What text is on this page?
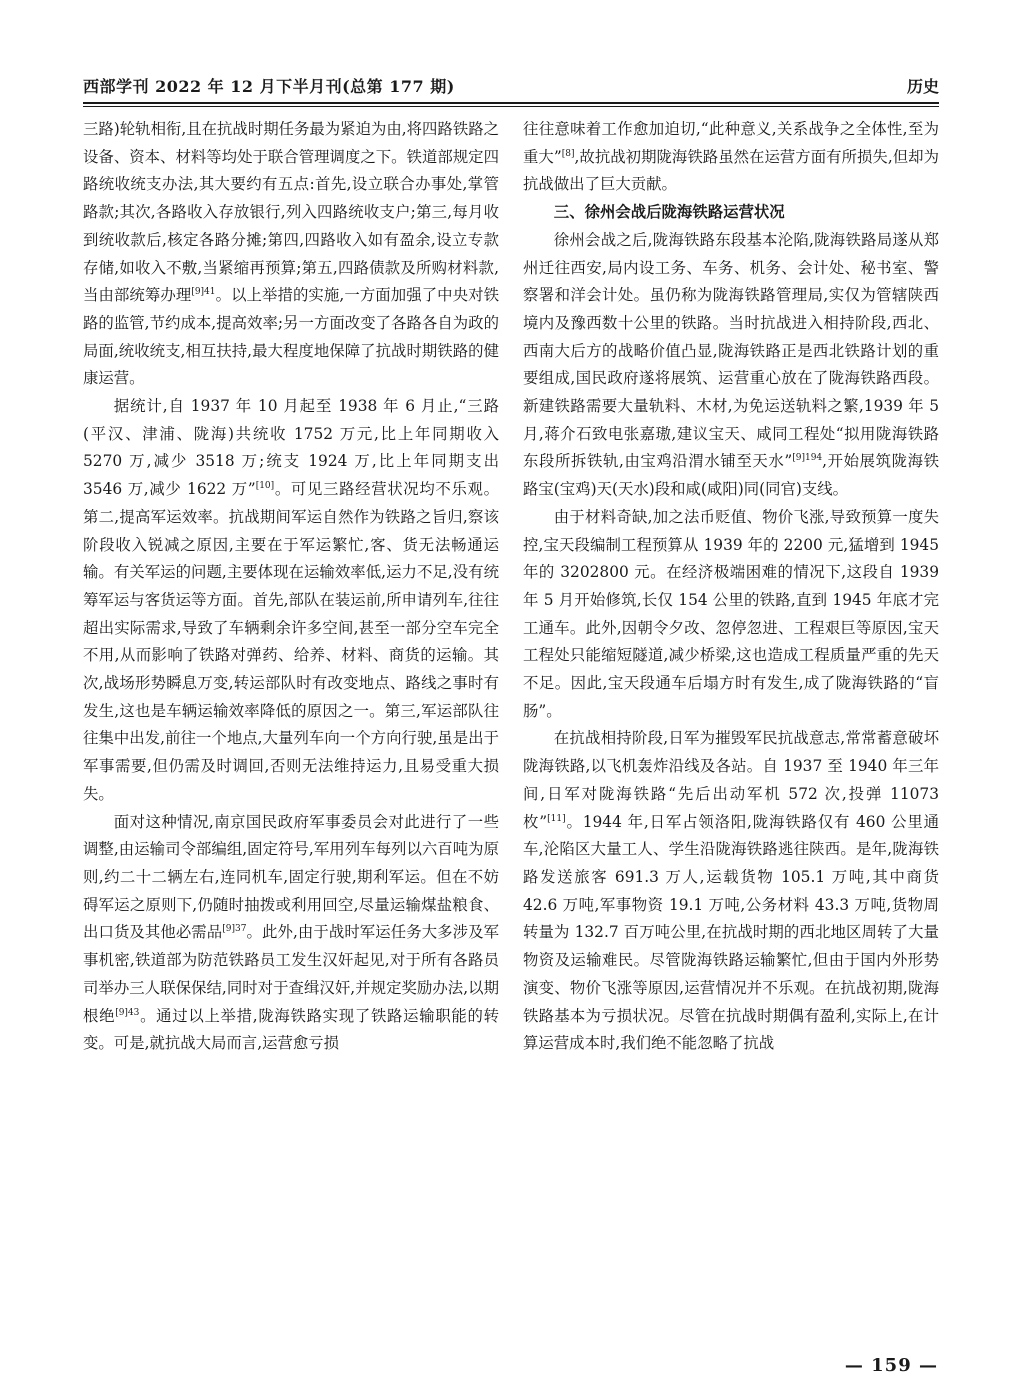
西部学刊 2022 年 12 月下半月刊(总第 177 期)	历史

三路)轮轨相衔,且在抗战时期任务最为紧迫为由,将四路铁路之设备、资本、材料等均处于联合管理调度之下。铁道部规定四路统收统支办法,其大要约有五点:首先,设立联合办事处,掌管路款;其次,各路收入存放银行,列入四路统收支户;第三,每月收到统收款后,核定各路分摊;第四,四路收入如有盈余,设立专款存储,如收入不敷,当紧缩再预算;第五,四路债款及所购材料款,当由部统筹办理$^{[9]41}$。以上举措的实施,一方面加强了中央对铁路的监管,节约成本,提高效率;另一方面改变了各路各自为政的局面,统收统支,相互扶持,最大程度地保障了抗战时期铁路的健康运营。

据统计,自 1937 年 10 月起至 1938 年 6 月止,“三路(平汉、津浦、陇海)共统收 1752 万元,比上年同期收入 5270 万,减少 3518 万;统支 1924 万,比上年同期支出 3546 万,减少 1622 万”[10]。可见三路经营状况均不乐观。第二,提高军运效率。抗战期间军运自然作为铁路之旨归,察该阶段收入锐减之原因,主要在于军运繁忙,客、货无法畅通运输。有关军运的问题,主要体现在运输效率低,运力不足,没有统筹军运与客货运等方面。首先,部队在装运前,所申请列车,往往超出实际需求,导致了车辆剩余许多空间,甚至一部分空车完全不用,从而影响了铁路对弹药、给养、材料、商货的运输。其次,战场形势瞬息万变,转运部队时有改变地点、路线之事时有发生,这也是车辆运输效率降低的原因之一。第三,军运部队往往集中出发,前往一个地点,大量列车向一个方向行驶,虽是出于军事需要,但仍需及时调回,否则无法维持运力,且易受重大损失。

面对这种情况,南京国民政府军事委员会对此进行了一些调整,由运输司令部编组,固定符号,军用列车每列以六百吨为原则,约二十二辆左右,连同机车,固定行驶,期利军运。但在不妨碍军运之原则下,仍随时抽拨或利用回空,尽量运输煤盐粮食、出口货及其他必需品$^{[9]37}$。此外,由于战时军运任务大多涉及军事机密,铁道部为防范铁路员工发生汉奸起见,对于所有各路员司举办三人联保保结,同时对于查缉汉奸,并规定奖励办法,以期根绝$^{[9]43}$。通过以上举措,陇海铁路实现了铁路运输职能的转变。可是,就抗战大局而言,运营愈亏损

往往意味着工作愈加迫切,“此种意义,关系战争之全体性,至为重大”[8],故抗战初期陇海铁路虽然在运营方面有所损失,但却为抗战做出了巨大贡献。

三、徐州会战后陇海铁路运营状况

徐州会战之后,陇海铁路东段基本沦陷,陇海铁路局遂从郑州迁往西安,局内设工务、车务、机务、会计处、秘书室、警察署和洋会计处。虽仍称为陇海铁路管理局,实仅为管辖陕西境内及豫西数十公里的铁路。当时抗战进入相持阶段,西北、西南大后方的战略价值凸显,陇海铁路正是西北铁路计划的重要组成,国民政府遂将展筑、运营重心放在了陇海铁路西段。新建铁路需要大量轨料、木材,为免运送轨料之繁,1939 年 5 月,蒋介石致电张嘉璈,建议宝天、咸同工程处“拟用陇海铁路东段所拆铁轨,由宝鸡沿渭水铺至天水”$^{[9]194}$,开始展筑陇海铁路宝(宝鸡)天(天水)段和咸(咸阳)同(同官)支线。

由于材料奇缺,加之法币贬值、物价飞涨,导致预算一度失控,宝天段编制工程预算从 1939 年的 2200 元,猛增到 1945 年的 3202800 元。在经济极端困难的情况下,这段自 1939 年 5 月开始修筑,长仅 154 公里的铁路,直到 1945 年底才完工通车。此外,因朝令夕改、忽停忽进、工程艰巨等原因,宝天工程处只能缩短隧道,减少桥梁,这也造成工程质量严重的先天不足。因此,宝天段通车后塌方时有发生,成了陇海铁路的“盲肠”。

在抗战相持阶段,日军为摧毁军民抗战意志,常常蓄意破坏陇海铁路,以飞机轰炸沿线及各站。自 1937 至 1940 年三年间,日军对陇海铁路“先后出动军机 572 次,投弹 11073 枚”[11]。1944 年,日军占领洛阳,陇海铁路仅有 460 公里通车,沦陷区大量工人、学生沿陇海铁路逃往陕西。是年,陇海铁路发送旅客 691.3 万人,运载货物 105.1 万吨,其中商货 42.6 万吨,军事物资 19.1 万吨,公务材料 43.3 万吨,货物周转量为 132.7 百万吨公里,在抗战时期的西北地区周转了大量物资及运输难民。尽管陇海铁路运输繁忙,但由于国内外形势演变、物价飞涨等原因,运营情况并不乐观。在抗战初期,陇海铁路基本为亏损状况。尽管在抗战时期偶有盈利,实际上,在计算运营成本时,我们绝不能忽略了抗战

— 159 —
